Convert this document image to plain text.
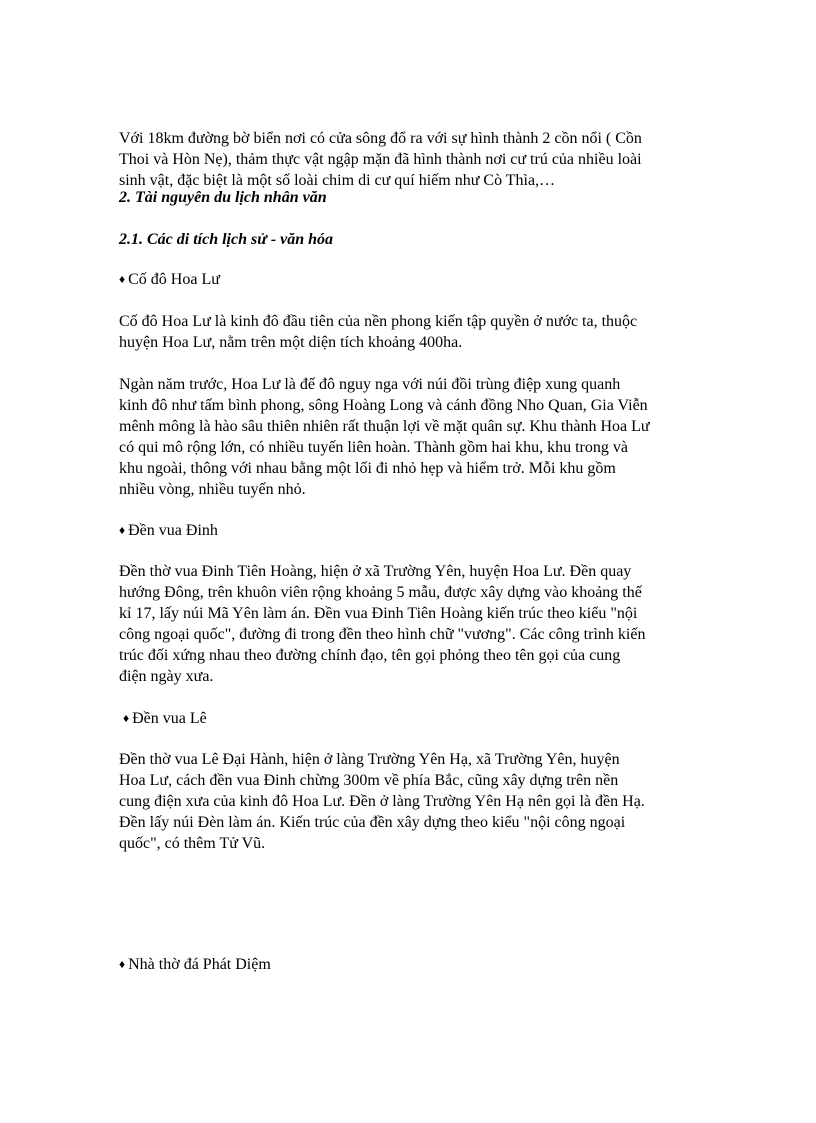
Với 18km đường bờ biển nơi có cửa sông đổ ra với sự hình thành 2 cồn nổi ( Cồn
Thoi và Hòn Nẹ), thảm thực vật ngập mặn đã hình thành nơi cư trú của nhiều loài
sinh vật, đặc biệt là một số loài chim di cư quí hiếm như Cò Thìa,…

2. Tài nguyên du lịch nhân văn

2.1. Các di tích lịch sử - văn hóa

♦ Cố đô Hoa Lư

Cố đô Hoa Lư là kinh đô đầu tiên của nền phong kiến tập quyền ở nước ta, thuộc
huyện Hoa Lư, nằm trên một diện tích khoảng 400ha.

Ngàn năm trước, Hoa Lư là đế đô nguy nga với núi đồi trùng điệp xung quanh
kinh đô như tấm bình phong, sông Hoàng Long và cánh đồng Nho Quan, Gia Viễn
mênh mông là hào sâu thiên nhiên rất thuận lợi về mặt quân sự. Khu thành Hoa Lư
có qui mô rộng lớn, có nhiều tuyến liên hoàn. Thành gồm hai khu, khu trong và
khu ngoài, thông với nhau bằng một lối đi nhỏ hẹp và hiểm trở. Mỗi khu gồm
nhiều vòng, nhiều tuyến nhỏ.

♦ Đền vua Đinh

Đền thờ vua Đinh Tiên Hoàng, hiện ở xã Trường Yên, huyện Hoa Lư. Đền quay
hướng Đông, trên khuôn viên rộng khoảng 5 mẫu, được xây dựng vào khoảng thế
kỉ 17, lấy núi Mã Yên làm án. Đền vua Đinh Tiên Hoàng kiến trúc theo kiểu "nội
công ngoại quốc", đường đi trong đền theo hình chữ "vương". Các công trình kiến
trúc đối xứng nhau theo đường chính đạo, tên gọi phỏng theo tên gọi của cung
điện ngày xưa.

♦ Đền vua Lê

Đền thờ vua Lê Đại Hành, hiện ở làng Trường Yên Hạ, xã Trường Yên, huyện
Hoa Lư, cách đền vua Đinh chừng 300m về phía Bắc, cũng xây dựng trên nền
cung điện xưa của kinh đô Hoa Lư. Đền ở làng Trường Yên Hạ nên gọi là đền Hạ.
Đền lấy núi Đèn làm án. Kiến trúc của đền xây dựng theo kiểu "nội công ngoại
quốc", có thêm Tử Vũ.

♦ Nhà thờ đá Phát Diệm
